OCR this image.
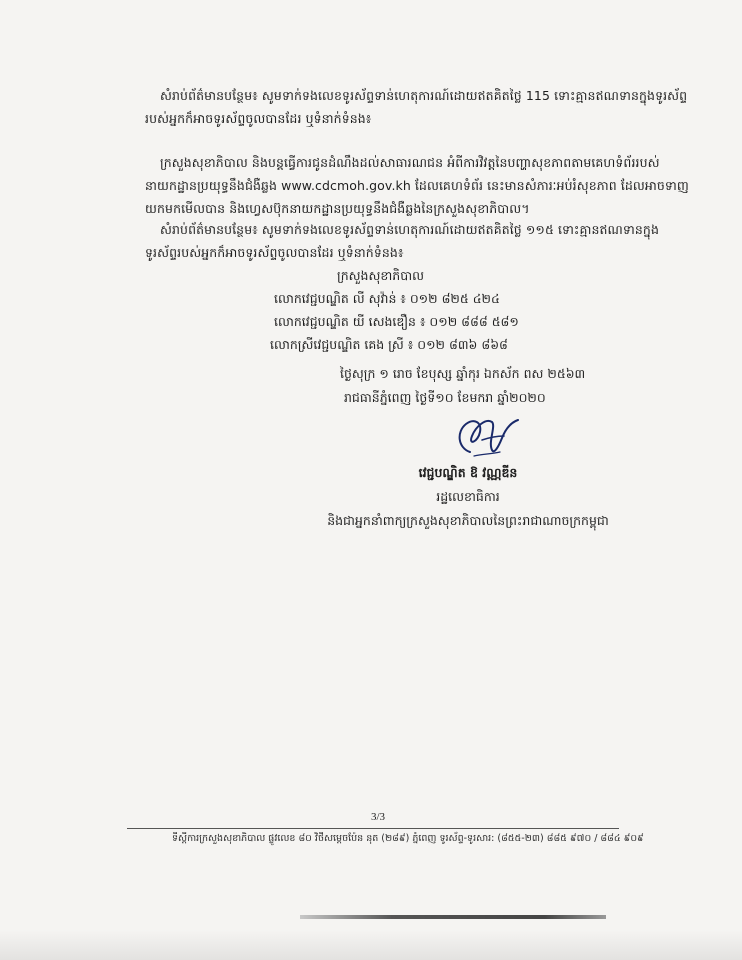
សំរាប់ព័ត៌មានបន្ថែម៖ សូមទាក់ទងលេខទូរស័ព្ទទាន់ហេតុការណ៍ដោយឥតគិតថ្លៃ 115 ទោះគ្មានឥណទានក្នុងទូរស័ព្ទ
របស់អ្នកក៏អាចទូរស័ព្ទចូលបានដែរ ឬទំនាក់ទំនង៖

ក្រសួងសុខាភិបាល និងបន្តធ្វើការជូនដំណឹងដល់សាធារណជន អំពីការវិវត្តនៃបញ្ហាសុខភាពតាមគេហទំព័ររបស់
នាយកដ្ឋានប្រយុទ្ធនឹងជំងឺឆ្លង www.cdcmoh.gov.kh ដែលគេហទំព័រ នេះមានសំភារៈអប់រំសុខភាព ដែលអាចទាញ
យកមកមើលបាន និងហ្វេសប៊ុកនាយកដ្ឋានប្រយុទ្ធនឹងជំងឺឆ្លងនៃក្រសួងសុខាភិបាល។

សំរាប់ព័ត៌មានបន្ថែម៖ សូមទាក់ទងលេខទូរស័ព្ទទាន់ហេតុការណ៍ដោយឥតគិតថ្លៃ ១១៥ ទោះគ្មានឥណទានក្នុង
ទូរស័ព្ទរបស់អ្នកក៏អាចទូរស័ព្ទចូលបានដែរ ឬទំនាក់ទំនង៖

ក្រសួងសុខាភិបាល
លោកវេជ្ជបណ្ឌិត លី សុវ៉ាន់ ៖ ០១២ ៨២៥ ៤២៤
លោកវេជ្ជបណ្ឌិត យី សេងឌឿន ៖ ០១២ ៨៨៨ ៥៨១
លោកស្រីវេជ្ជបណ្ឌិត គេង ស្រី ៖ ០១២ ៨៣៦ ៨៦៨
ថ្ងៃសុក្រ ១ រោច ខែបុស្ស ឆ្នាំកុរ ឯកស័ក ពស ២៥៦៣
រាជធានីភ្នំពេញ ថ្ងៃទី១០ ខែមករា ឆ្នាំ២០២០
វេជ្ជបណ្ឌិត ឱ វណ្ណឌីន
រដ្ឋលេខាធិការ
និងជាអ្នកនាំពាក្យក្រសួងសុខាភិបាលនៃព្រះរាជាណាចក្រកម្ពុជា
3/3
ទីស្តីការក្រសួងសុខាភិបាល ផ្លូវលេខ ៨០ វិថីសម្តេចប៉ែន នុត (២៨៩) ភ្នំពេញ ទូរស័ព្ទ-ទូរសារ: (៨៥៥-២៣) ៨៨៥ ៩៧០ / ៨៨៤ ៩០៩
